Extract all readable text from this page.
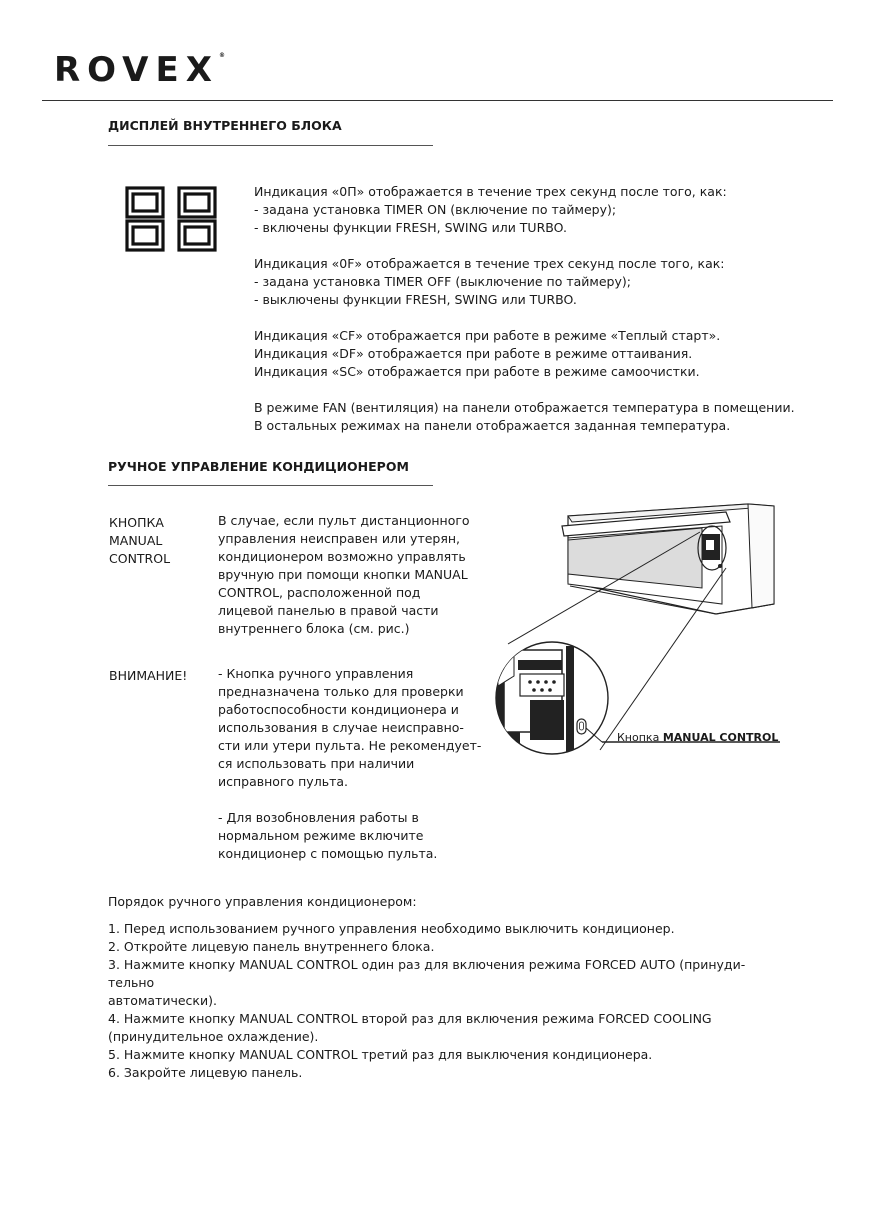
ROVEX®
ДИСПЛЕЙ ВНУТРЕННЕГО БЛОКА
Индикация «0П» отображается в течение трех секунд после того, как:
- задана установка TIMER ON (включение по таймеру);
- включены функции FRESH, SWING или TURBO.
Индикация «0F» отображается в течение трех секунд после того, как:
- задана установка TIMER OFF (выключение по таймеру);
- выключены функции FRESH, SWING или TURBO.
Индикация «CF» отображается при работе в режиме «Теплый старт».
Индикация «DF» отображается при работе в режиме оттаивания.
Индикация «SC» отображается при работе в режиме самоочистки.
В режиме FAN (вентиляция) на панели отображается температура в помещении.
В остальных режимах на панели отображается заданная температура.
РУЧНОЕ УПРАВЛЕНИЕ КОНДИЦИОНЕРОМ
КНОПКА
MANUAL
CONTROL
В случае, если пульт дистанционного
управления неисправен или утерян,
кондиционером возможно управлять
вручную при помощи кнопки MANUAL
CONTROL, расположенной под
лицевой панелью в правой части
внутреннего блока (см. рис.)
ВНИМАНИЕ! - Кнопка ручного управления
предназначена только для проверки
работоспособности кондиционера и
использования в случае неисправно-
сти или утери пульта. Не рекомендует-
ся использовать при наличии
исправного пульта.
- Для возобновления работы в
нормальном режиме включите
кондиционер с помощью пульта.
Кнопка MANUAL CONTROL
Порядок ручного управления кондиционером:
1. Перед использованием ручного управления необходимо выключить кондиционер.
2. Откройте лицевую панель внутреннего блока.
3. Нажмите кнопку MANUAL CONTROL один раз для включения режима FORCED AUTO (принуди-
тельно
автоматически).
4. Нажмите кнопку MANUAL CONTROL второй раз для включения режима FORCED COOLING
(принудительное охлаждение).
5. Нажмите кнопку MANUAL CONTROL третий раз для выключения кондиционера.
6. Закройте лицевую панель.
